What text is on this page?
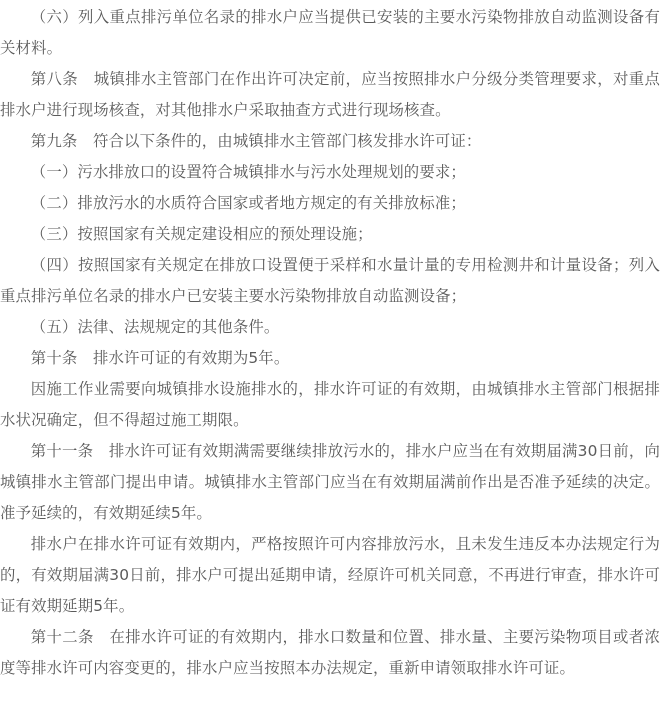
（六）列入重点排污单位名录的排水户应当提供已安装的主要水污染物排放自动监测设备有关材料。

第八条　城镇排水主管部门在作出许可决定前，应当按照排水户分级分类管理要求，对重点排水户进行现场核查，对其他排水户采取抽查方式进行现场核查。

第九条　符合以下条件的，由城镇排水主管部门核发排水许可证：

（一）污水排放口的设置符合城镇排水与污水处理规划的要求；

（二）排放污水的水质符合国家或者地方规定的有关排放标准；

（三）按照国家有关规定建设相应的预处理设施；

（四）按照国家有关规定在排放口设置便于采样和水量计量的专用检测井和计量设备；列入重点排污单位名录的排水户已安装主要水污染物排放自动监测设备；

（五）法律、法规规定的其他条件。

第十条　排水许可证的有效期为5年。

因施工作业需要向城镇排水设施排水的，排水许可证的有效期，由城镇排水主管部门根据排水状况确定，但不得超过施工期限。

第十一条　排水许可证有效期满需要继续排放污水的，排水户应当在有效期届满30日前，向城镇排水主管部门提出申请。城镇排水主管部门应当在有效期届满前作出是否准予延续的决定。准予延续的，有效期延续5年。

排水户在排水许可证有效期内，严格按照许可内容排放污水，且未发生违反本办法规定行为的，有效期届满30日前，排水户可提出延期申请，经原许可机关同意，不再进行审查，排水许可证有效期延期5年。

第十二条　在排水许可证的有效期内，排水口数量和位置、排水量、主要污染物项目或者浓度等排水许可内容变更的，排水户应当按照本办法规定，重新申请领取排水许可证。
